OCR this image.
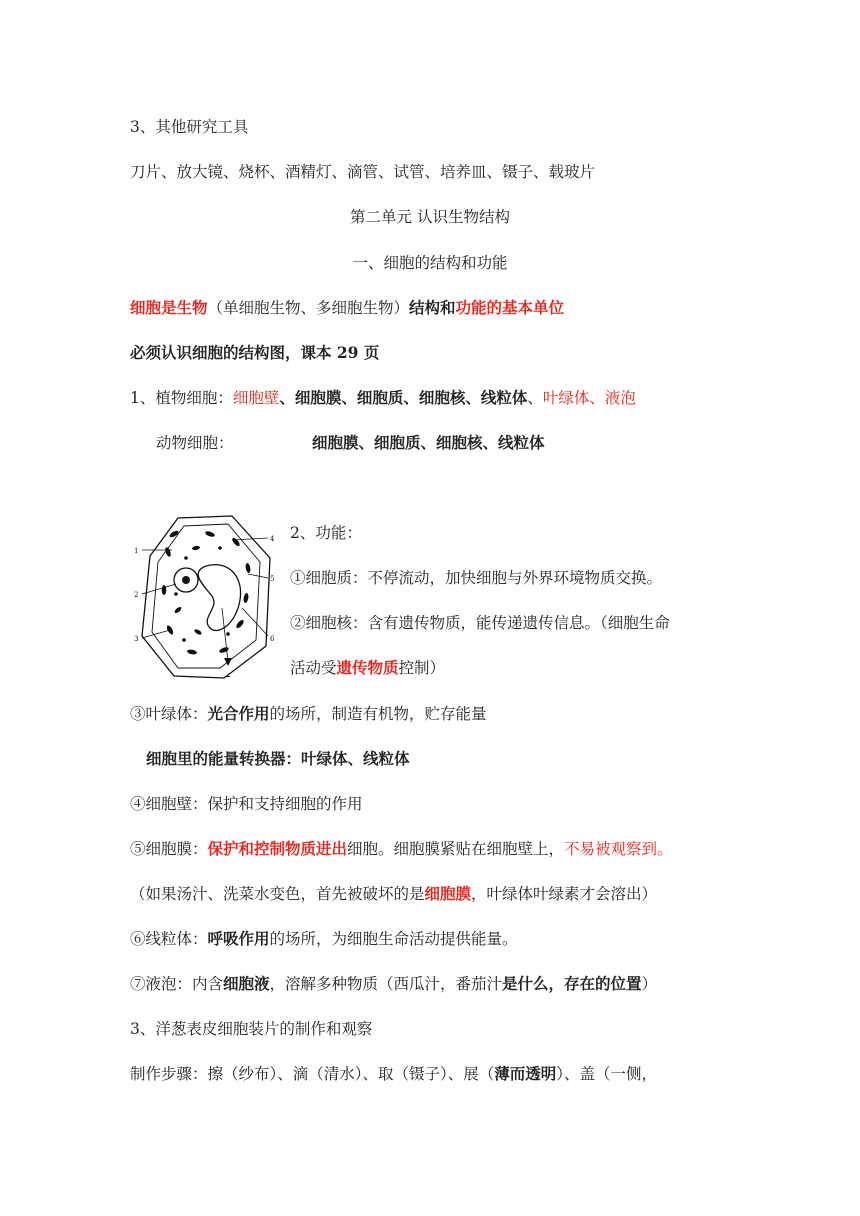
3、其他研究工具
刀片、放大镜、烧杯、酒精灯、滴管、试管、培养皿、镊子、载玻片
第二单元 认识生物结构
一、细胞的结构和功能
细胞是生物（单细胞生物、多细胞生物）结构和功能的基本单位
必须认识细胞的结构图，课本 29 页
1、植物细胞：细胞壁、细胞膜、细胞质、细胞核、线粒体、叶绿体、液泡
动物细胞：	细胞膜、细胞质、细胞核、线粒体
1
2
3
4
5
6
2、功能：
①细胞质：不停流动，加快细胞与外界环境物质交换。
②细胞核：含有遗传物质，能传递遗传信息。（细胞生命
活动受遗传物质控制）
③叶绿体：光合作用的场所，制造有机物，贮存能量
细胞里的能量转换器：叶绿体、线粒体
④细胞壁：保护和支持细胞的作用
⑤细胞膜：保护和控制物质进出细胞。细胞膜紧贴在细胞壁上，不易被观察到。
（如果汤汁、洗菜水变色，首先被破坏的是细胞膜，叶绿体叶绿素才会溶出）
⑥线粒体：呼吸作用的场所，为细胞生命活动提供能量。
⑦液泡：内含细胞液，溶解多种物质（西瓜汁，番茄汁是什么，存在的位置）
3、洋葱表皮细胞装片的制作和观察
制作步骤：擦（纱布）、滴（清水）、取（镊子）、展（薄而透明）、盖（一侧，
